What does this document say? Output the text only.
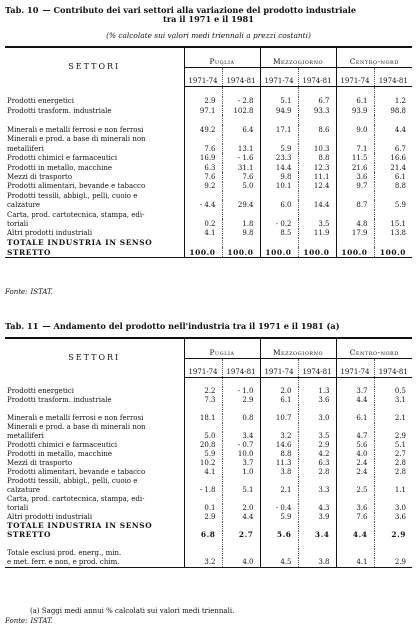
Tab. 10 — Contributo dei vari settori alla variazione del prodotto industriale
tra il 1971 e il 1981
(% calcolate sui valori medi triennali a prezzi costanti)
SETTORI	Puglia		Mezzogiorno		Centro-nord	
	1971-74	1974-81	1971-74	1974-81	1971-74	1974-81

Prodotti energetici	2.9	- 2.8	5.1	6.7	6.1	1.2
Prodotti trasform. industriale	97.1	102.8	94.9	93.3	93.9	98.8

Minerali e metalli ferrosi e non ferrosi	49.2	6.4	17.1	8.6	9.0	4.4
Minerali e prod. a base di minerali non						
metalliferi	7.6	13.1	5.9	10.3	7.1	6.7
Prodotti chimici e farmaceutici	16.9	- 1.6	23.3	8.8	11.5	16.6
Prodotti in metallo, macchine	6.3	31.1	14.4	12.3	21.6	21.4
Mezzi di trasporto	7.6	7.6	9.8	11.1	3.6	6.1
Prodotti alimentari, bevande e tabacco	9.2	5.0	10.1	12.4	9.7	8.8
Prodotti tessili, abbigl., pelli, cuoio e						
calzature	- 4.4	29.4	6.0	14.4	8.7	5.9
Carta, prod. cartotecnica, stampa, edi-						
toriali	0.2	1.8	- 0.2	3.5	4.8	15.1
Altri prodotti industriali	4.1	9.8	8.5	11.9	17.9	13.8
TOTALE INDUSTRIA IN SENSO						
STRETTO	100.0	100.0	100.0	100.0	100.0	100.0
Fonte: ISTAT.
Tab. 11 — Andamento del prodotto nell'industria tra il 1971 e il 1981 (a)
SETTORI	Puglia		Mezzogiorno		Centro-nord	
	1971-74	1974-81	1971-74	1974-81	1971-74	1974-81

Prodotti energetici	2.2	- 1.0	2.0	1.3	3.7	0.5
Prodotti trasform. industriale	7.3	2.9	6.1	3.6	4.4	3.1

Minerali e metalli ferrosi e non ferrosi	18.1	0.8	10.7	3.0	6.1	2.1
Minerali e prod. a base di minerali non						
metalliferi	5.0	3.4	3.2	3.5	4.7	2.9
Prodotti chimici e farmaceutici	20.8	- 0.7	14.6	2.9	5.6	5.1
Prodotti in metallo, macchine	5.9	10.0	8.8	4.2	4.0	2.7
Mezzi di trasporto	10.2	3.7	11.3	6.3	2.4	2.8
Prodotti alimentari, bevande e tabacco	4.1	1.0	3.8	2.8	2.4	2.8
Prodotti tessili, abbigl., pelli, cuoio e						
calzature	- 1.8	5.1	2.1	3.3	2.5	1.1
Carta, prod. cartotecnica, stampa, edi-						
toriali	0.1	2.0	- 0.4	4.3	3.6	3.0
Altri prodotti industriali	2.9	4.4	5.9	3.9	7.6	3.6
TOTALE INDUSTRIA IN SENSO						
STRETTO	6.8	2.7	5.6	3.4	4.4	2.9

Totale esclusi prod. energ., min.						
e met. ferr. e non, e prod. chim.	3.2	4.0	4.5	3.8	4.1	2.9
(a) Saggi medi annui % calcolati sui valori medi triennali.
Fonte: ISTAT.
